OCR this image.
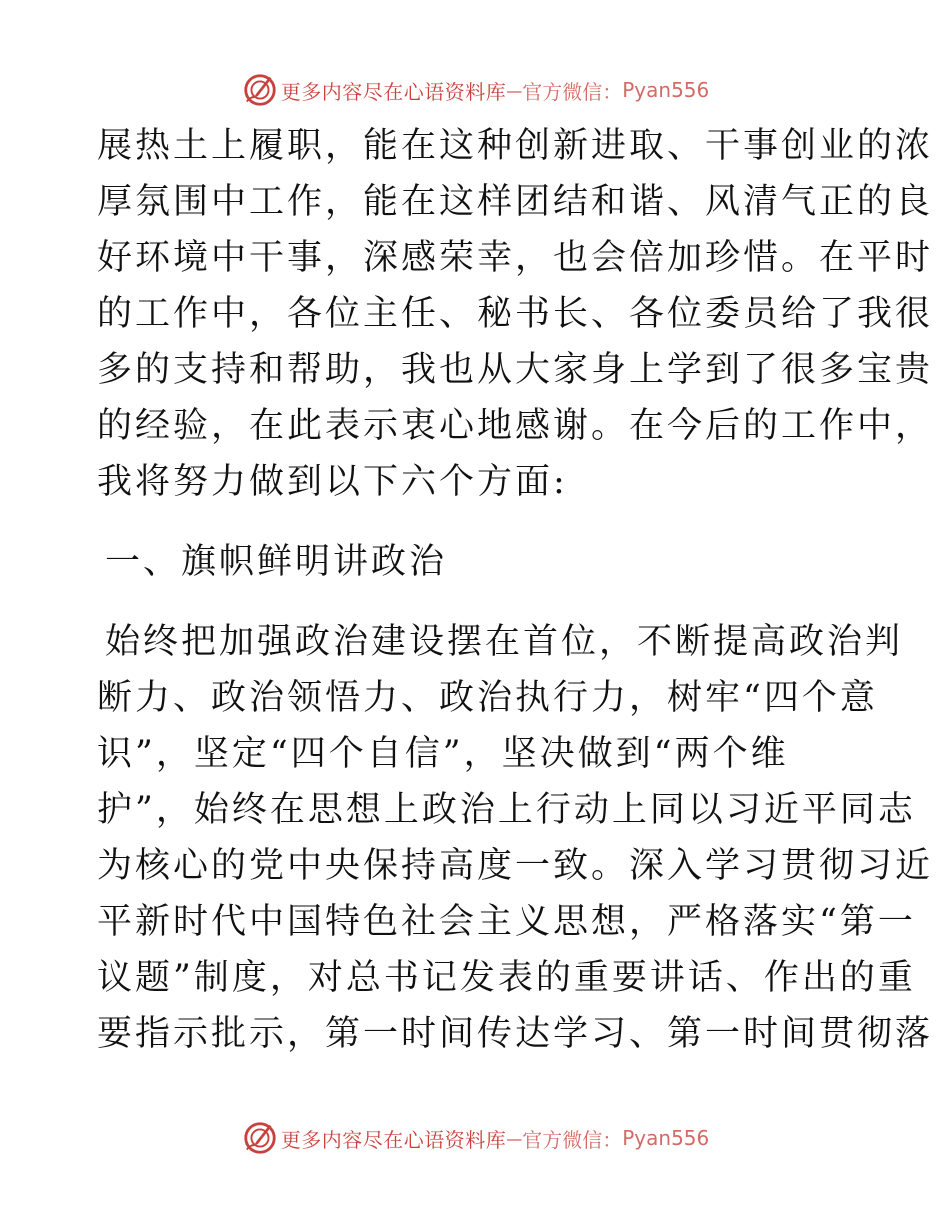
更多内容尽在心语资料库 — 官方微信： Pyan556
展热土上履职，能在这种创新进取、干事创业的浓
厚氛围中工作，能在这样团结和谐、风清气正的良
好环境中干事，深感荣幸，也会倍加珍惜。在平时
的工作中，各位主任、秘书长、各位委员给了我很
多的支持和帮助，我也从大家身上学到了很多宝贵
的经验，在此表示衷心地感谢。在今后的工作中，
我将努力做到以下六个方面:
一、旗帜鲜明讲政治
始终把加强政治建设摆在首位，不断提高政治判
断力、政治领悟力、政治执行力，树牢“四个意
识”，坚定“四个自信”，坚决做到“两个维
护”，始终在思想上政治上行动上同以习近平同志
为核心的党中央保持高度一致。深入学习贯彻习近
平新时代中国特色社会主义思想，严格落实“第一
议题”制度，对总书记发表的重要讲话、作出的重
要指示批示，第一时间传达学习、第一时间贯彻落
更多内容尽在心语资料库 — 官方微信： Pyan556
